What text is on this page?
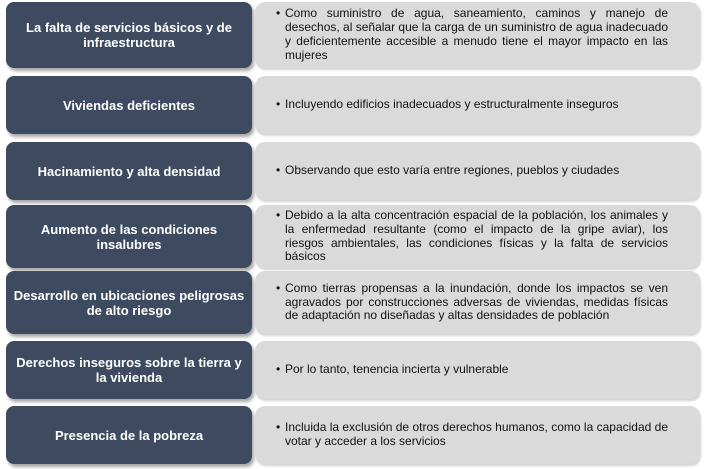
La falta de servicios básicos y de infraestructura
• Como suministro de agua, saneamiento, caminos y manejo de desechos, al señalar que la carga de un suministro de agua inadecuado y deficientemente accesible a menudo tiene el mayor impacto en las mujeres
Viviendas deficientes	• Incluyendo edificios inadecuados y estructuralmente inseguros
Hacinamiento y alta densidad	• Observando que esto varía entre regiones, pueblos y ciudades
Aumento de las condiciones insalubres
• Debido a la alta concentración espacial de la población, los animales y la enfermedad resultante (como el impacto de la gripe aviar), los riesgos ambientales, las condiciones físicas y la falta de servicios básicos
Desarrollo en ubicaciones peligrosas de alto riesgo
• Como tierras propensas a la inundación, donde los impactos se ven agravados por construcciones adversas de viviendas, medidas físicas de adaptación no diseñadas y altas densidades de población
Derechos inseguros sobre la tierra y la vivienda
• Por lo tanto, tenencia incierta y vulnerable
Presencia de la pobreza
• Incluida la exclusión de otros derechos humanos, como la capacidad de votar y acceder a los servicios
